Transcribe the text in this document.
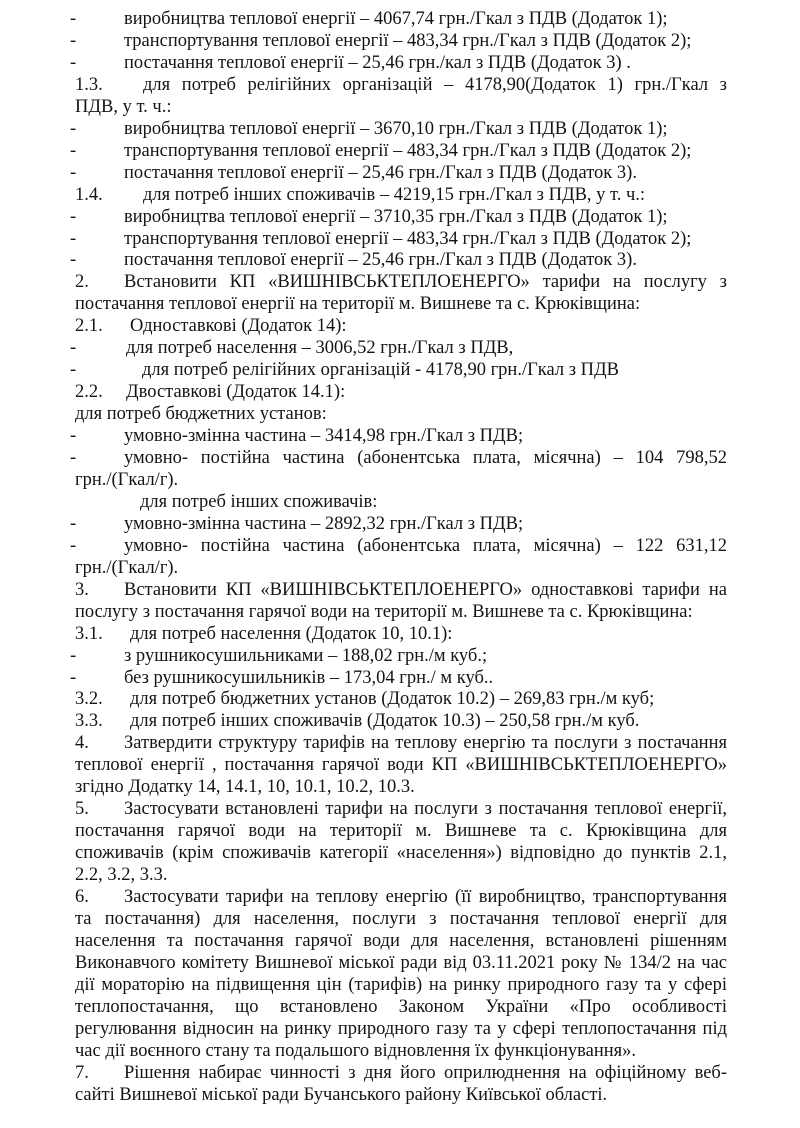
-	виробництва теплової енергії – 4067,74 грн./Гкал з ПДВ (Додаток 1);
-	транспортування теплової енергії – 483,34 грн./Гкал з ПДВ (Додаток 2);
-	постачання теплової енергії – 25,46 грн./кал з ПДВ (Додаток 3) .
1.3. для потреб релігійних організацій – 4178,90(Додаток 1) грн./Гкал з
ПДВ, у т. ч.:
-	виробництва теплової енергії – 3670,10 грн./Гкал з ПДВ (Додаток 1);
-	транспортування теплової енергії – 483,34 грн./Гкал з ПДВ (Додаток 2);
-	постачання теплової енергії – 25,46 грн./Гкал з ПДВ (Додаток 3).
1.4. для потреб інших споживачів – 4219,15 грн./Гкал з ПДВ, у т. ч.:
-	виробництва теплової енергії – 3710,35 грн./Гкал з ПДВ (Додаток 1);
-	транспортування теплової енергії – 483,34 грн./Гкал з ПДВ (Додаток 2);
-	постачання теплової енергії – 25,46 грн./Гкал з ПДВ (Додаток 3).
2. Встановити КП «ВИШНІВСЬКТЕПЛОЕНЕРГО» тарифи на послугу з
постачання теплової енергії на території м. Вишневе та с. Крюківщина:
2.1. Одноставкові (Додаток 14):
-	для потреб населення – 3006,52 грн./Гкал з ПДВ,
-	для потреб релігійних організацій - 4178,90 грн./Гкал з ПДВ
2.2. Двоставкові (Додаток 14.1):
для потреб бюджетних установ:
-	умовно-змінна частина – 3414,98 грн./Гкал з ПДВ;
-	умовно- постійна частина (абонентська плата, місячна) – 104 798,52
грн./(Гкал/г).
для потреб інших споживачів:
-	умовно-змінна частина – 2892,32 грн./Гкал з ПДВ;
-	умовно- постійна частина (абонентська плата, місячна) – 122 631,12
грн./(Гкал/г).
3. Встановити КП «ВИШНІВСЬКТЕПЛОЕНЕРГО» одноставкові тарифи на
послугу з постачання гарячої води на території м. Вишневе та с. Крюківщина:
3.1. для потреб населення (Додаток 10, 10.1):
-	з рушникосушильниками – 188,02 грн./м куб.;
-	без рушникосушильників – 173,04 грн./ м куб..
3.2. для потреб бюджетних установ (Додаток 10.2) – 269,83 грн./м куб;
3.3. для потреб інших споживачів (Додаток 10.3) – 250,58 грн./м куб.
4. Затвердити структуру тарифів на теплову енергію та послуги з постачання
теплової енергії , постачання гарячої води КП «ВИШНІВСЬКТЕПЛОЕНЕРГО»
згідно Додатку 14, 14.1, 10, 10.1, 10.2, 10.3.
5. Застосувати встановлені тарифи на послуги з постачання теплової енергії,
постачання гарячої води на території м. Вишневе та с. Крюківщина для
споживачів (крім споживачів категорії «населення») відповідно до пунктів 2.1,
2.2, 3.2, 3.3.
6. Застосувати тарифи на теплову енергію (її виробництво, транспортування
та постачання) для населення, послуги з постачання теплової енергії для
населення та постачання гарячої води для населення, встановлені рішенням
Виконавчого комітету Вишневої міської ради від 03.11.2021 року № 134/2 на час
дії мораторію на підвищення цін (тарифів) на ринку природного газу та у сфері
теплопостачання, що встановлено Законом України «Про особливості
регулювання відносин на ринку природного газу та у сфері теплопостачання під
час дії воєнного стану та подальшого відновлення їх функціонування».
7. Рішення набирає чинності з дня його оприлюднення на офіційному веб-
сайті Вишневої міської ради Бучанського району Київської області.
